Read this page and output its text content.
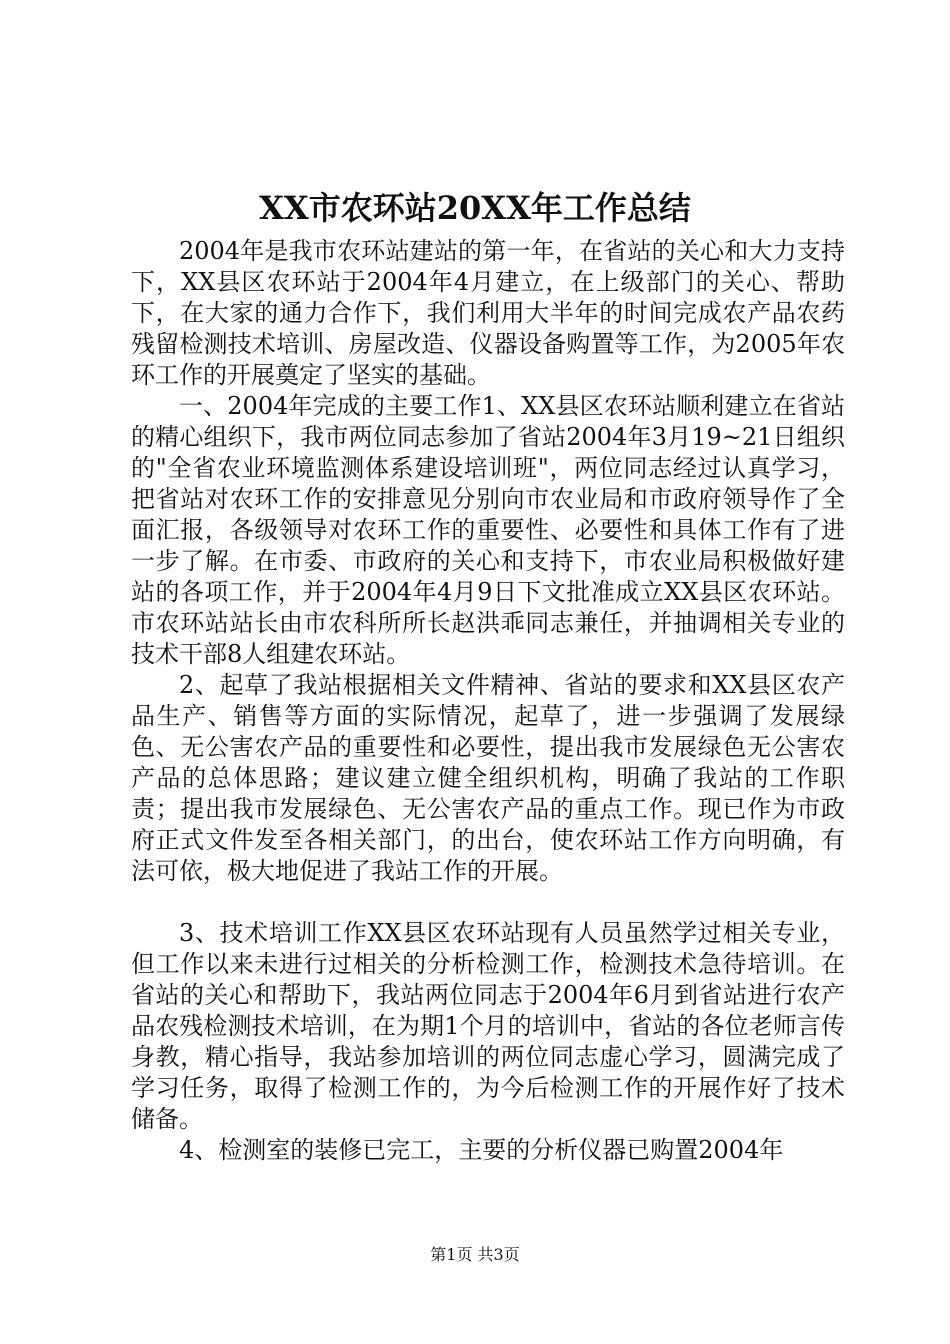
XX市农环站20XX年工作总结

2004年是我市农环站建站的第一年，在省站的关心和大力支持下，XX县区农环站于2004年4月建立，在上级部门的关心、帮助下，在大家的通力合作下，我们利用大半年的时间完成农产品农药残留检测技术培训、房屋改造、仪器设备购置等工作，为2005年农环工作的开展奠定了坚实的基础。

一、2004年完成的主要工作1、XX县区农环站顺利建立在省站的精心组织下，我市两位同志参加了省站2004年3月19~21日组织的"全省农业环境监测体系建设培训班"，两位同志经过认真学习，把省站对农环工作的安排意见分别向市农业局和市政府领导作了全面汇报，各级领导对农环工作的重要性、必要性和具体工作有了进一步了解。在市委、市政府的关心和支持下，市农业局积极做好建站的各项工作，并于2004年4月9日下文批准成立XX县区农环站。市农环站站长由市农科所所长赵洪乖同志兼任，并抽调相关专业的技术干部8人组建农环站。

2、起草了我站根据相关文件精神、省站的要求和XX县区农产品生产、销售等方面的实际情况，起草了，进一步强调了发展绿色、无公害农产品的重要性和必要性，提出我市发展绿色无公害农产品的总体思路；建议建立健全组织机构，明确了我站的工作职责；提出我市发展绿色、无公害农产品的重点工作。现已作为市政府正式文件发至各相关部门，的出台，使农环站工作方向明确，有法可依，极大地促进了我站工作的开展。

3、技术培训工作XX县区农环站现有人员虽然学过相关专业，但工作以来未进行过相关的分析检测工作，检测技术急待培训。在省站的关心和帮助下，我站两位同志于2004年6月到省站进行农产品农残检测技术培训，在为期1个月的培训中，省站的各位老师言传身教，精心指导，我站参加培训的两位同志虚心学习，圆满完成了学习任务，取得了检测工作的，为今后检测工作的开展作好了技术储备。

4、检测室的装修已完工，主要的分析仪器已购置2004年

第1页 共3页
